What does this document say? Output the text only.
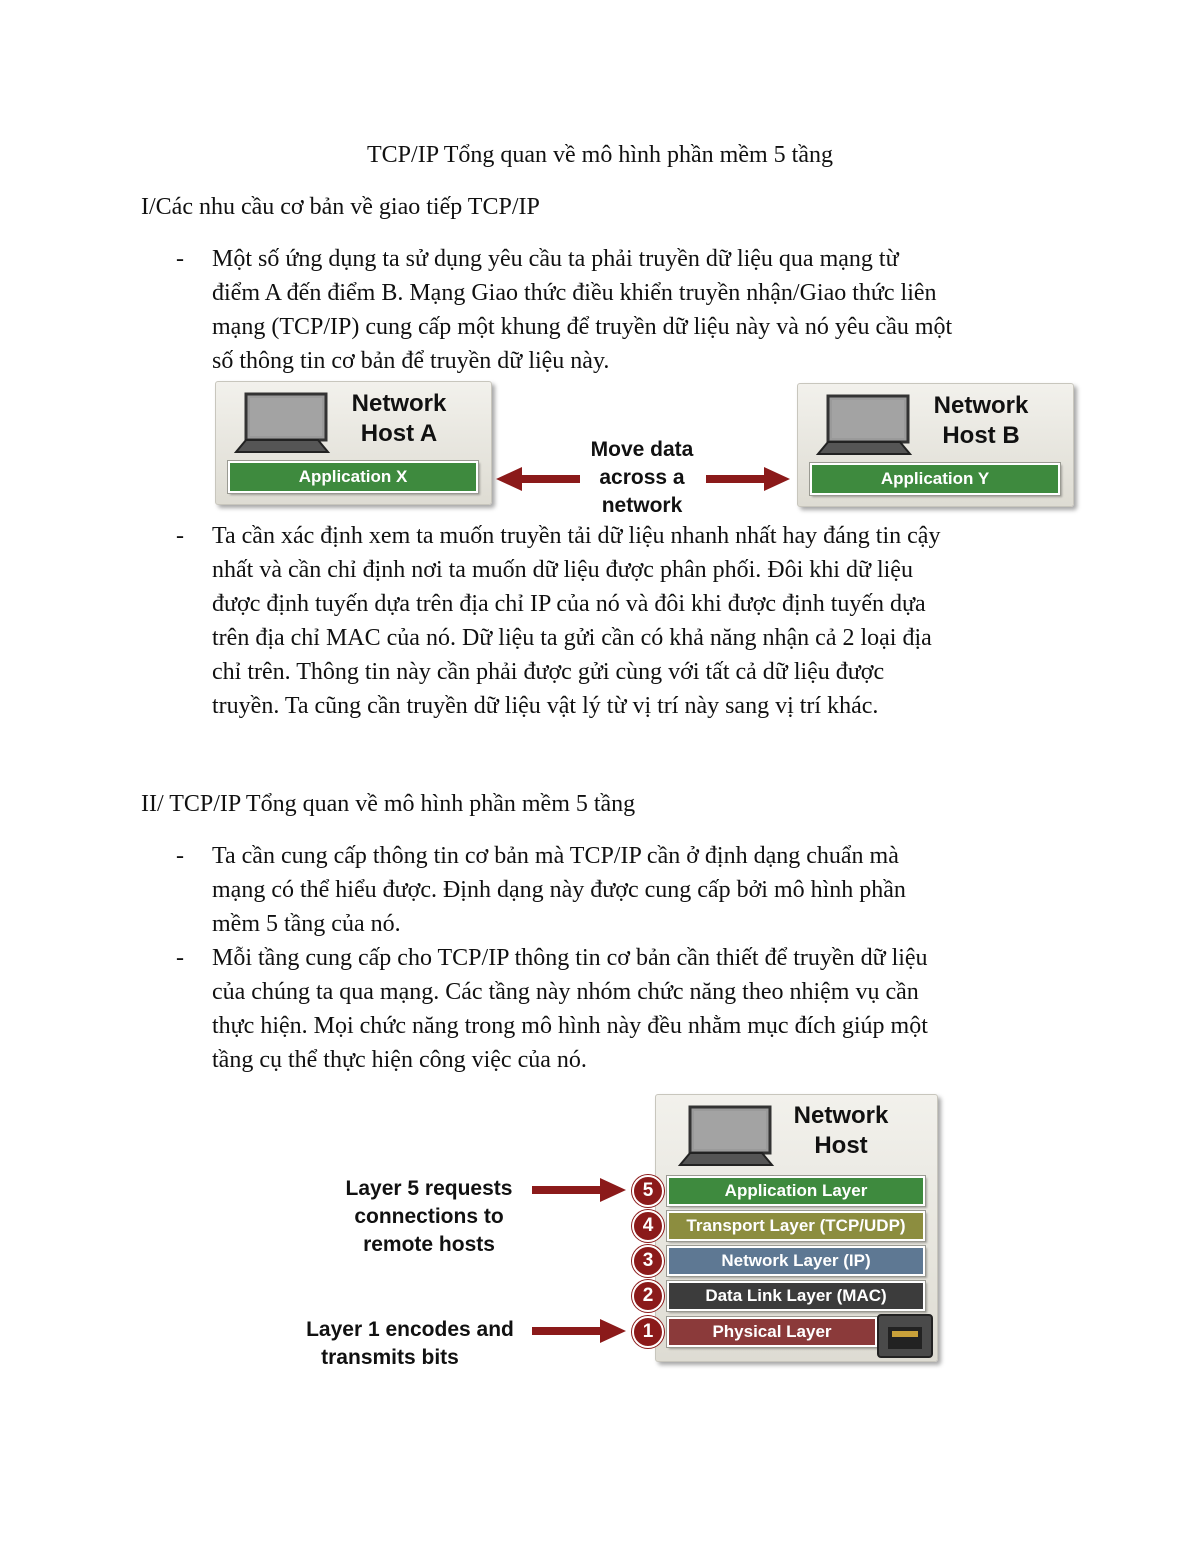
TCP/IP Tổng quan về mô hình phần mềm 5 tầng
I/Các nhu cầu cơ bản về giao tiếp TCP/IP
- Một số ứng dụng ta sử dụng yêu cầu ta phải truyền dữ liệu qua mạng từ
điểm A đến điểm B. Mạng Giao thức điều khiển truyền nhận/Giao thức liên
mạng (TCP/IP) cung cấp một khung để truyền dữ liệu này và nó yêu cầu một
số thông tin cơ bản để truyền dữ liệu này.
Network
Host A
Application X
Network
Host B
Application Y
Move data
across a
network
- Ta cần xác định xem ta muốn truyền tải dữ liệu nhanh nhất hay đáng tin cậy
nhất và cần chỉ định nơi ta muốn dữ liệu được phân phối. Đôi khi dữ liệu
được định tuyến dựa trên địa chỉ IP của nó và đôi khi được định tuyến dựa
trên địa chỉ MAC của nó. Dữ liệu ta gửi cần có khả năng nhận cả 2 loại địa
chỉ trên. Thông tin này cần phải được gửi cùng với tất cả dữ liệu được
truyền. Ta cũng cần truyền dữ liệu vật lý từ vị trí này sang vị trí khác.
II/ TCP/IP Tổng quan về mô hình phần mềm 5 tầng
- Ta cần cung cấp thông tin cơ bản mà TCP/IP cần ở định dạng chuẩn mà
mạng có thể hiểu được. Định dạng này được cung cấp bởi mô hình phần
mềm 5 tầng của nó.
- Mỗi tầng cung cấp cho TCP/IP thông tin cơ bản cần thiết để truyền dữ liệu
của chúng ta qua mạng. Các tầng này nhóm chức năng theo nhiệm vụ cần
thực hiện. Mọi chức năng trong mô hình này đều nhằm mục đích giúp một
tầng cụ thể thực hiện công việc của nó.
Network
Host
Application Layer
Transport Layer (TCP/UDP)
Network Layer (IP)
Data Link Layer (MAC)
Physical Layer
5
4
3
2
1
Layer 5 requests
connections to
remote hosts
Layer 1 encodes and
transmits bits
